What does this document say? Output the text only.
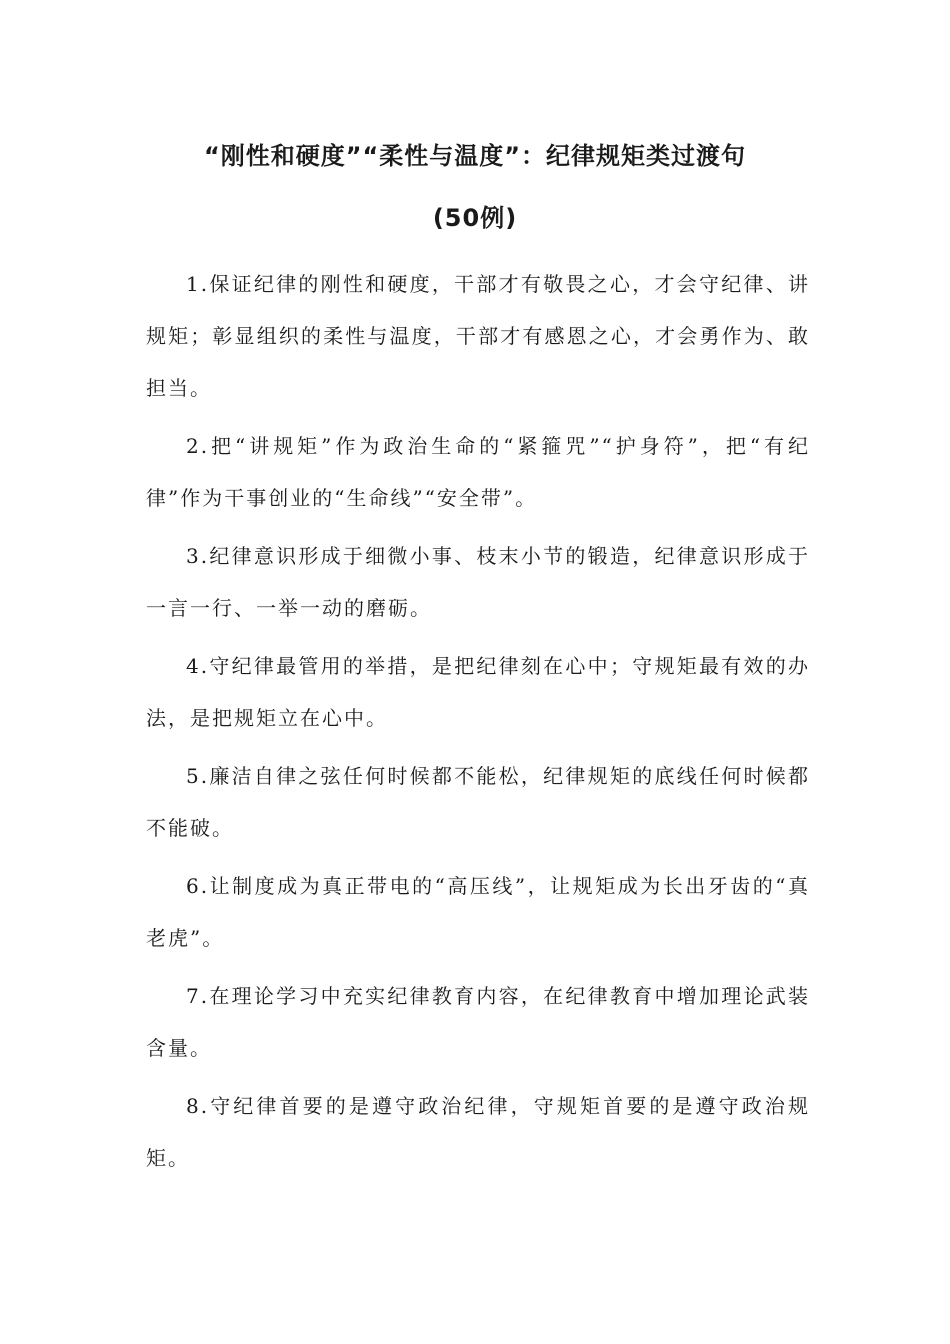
“刚性和硬度”“柔性与温度”：纪律规矩类过渡句
(50例)

1.保证纪律的刚性和硬度，干部才有敬畏之心，才会守纪律、讲规矩；彰显组织的柔性与温度，干部才有感恩之心，才会勇作为、敢担当。

2.把“讲规矩”作为政治生命的“紧箍咒”“护身符”，把“有纪律”作为干事创业的“生命线”“安全带”。

3.纪律意识形成于细微小事、枝末小节的锻造，纪律意识形成于一言一行、一举一动的磨砺。

4.守纪律最管用的举措，是把纪律刻在心中；守规矩最有效的办法，是把规矩立在心中。

5.廉洁自律之弦任何时候都不能松，纪律规矩的底线任何时候都不能破。

6.让制度成为真正带电的“高压线”，让规矩成为长出牙齿的“真老虎”。

7.在理论学习中充实纪律教育内容，在纪律教育中增加理论武装含量。

8.守纪律首要的是遵守政治纪律，守规矩首要的是遵守政治规矩。
